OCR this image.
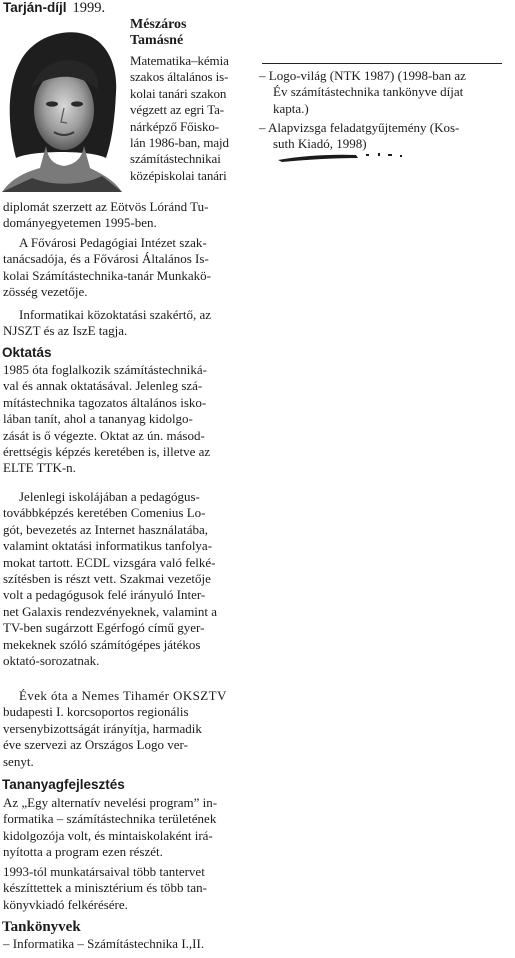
Tarján-díjl 1999.
Mészáros
Tamásné
Matematika–kémia
szakos általános is-
kolai tanári szakon
végzett az egri Ta-
nárképző Főisko-
lán 1986-ban, majd
számítástechnikai
középiskolai tanári
diplomát szerzett az Eötvös Lóránd Tu-
dományegyetemen 1995-ben.
A Fővárosi Pedagógiai Intézet szak-
tanácsadója, és a Fővárosi Általános Is-
kolai Számítástechnika-tanár Munkakö-
zösség vezetője.
Informatikai közoktatási szakértő, az
NJSZT és az IszE tagja.
Oktatás
1985 óta foglalkozik számítástechniká-
val és annak oktatásával. Jelenleg szá-
mítástechnika tagozatos általános isko-
lában tanít, ahol a tananyag kidolgo-
zását is ő végezte. Oktat az ún. másod-
érettségis képzés keretében is, illetve az
ELTE TTK-n.
Jelenlegi iskolájában a pedagógus-
továbbképzés keretében Comenius Lo-
gót, bevezetés az Internet használatába,
valamint oktatási informatikus tanfolya-
mokat tartott. ECDL vizsgára való felké-
szítésben is részt vett. Szakmai vezetője
volt a pedagógusok felé irányuló Inter-
net Galaxis rendezvényeknek, valamint a
TV-ben sugárzott Egérfogó című gyer-
mekeknek szóló számítógépes játékos
oktató-sorozatnak.
Évek óta a Nemes Tihamér OKSZTV
budapesti I. korcsoportos regionális
versenybizottságát irányítja, harmadik
éve szervezi az Országos Logo ver-
senyt.
Tananyagfejlesztés
Az „Egy alternatív nevelési program” in-
formatika – számítástechnika területének
kidolgozója volt, és mintaiskolaként irá-
nyította a program ezen részét.
1993-tól munkatársaival több tantervet
készíttettek a minisztérium és több tan-
könyvkiadó felkérésére.
Tankönyvek
– Informatika – Számítástechnika I.,II.
– Logo-világ (NTK 1987) (1998-ban az
Év számítástechnika tankönyve díjat
kapta.)
– Alapvizsga feladatgyűjtemény (Kos-
suth Kiadó, 1998)
